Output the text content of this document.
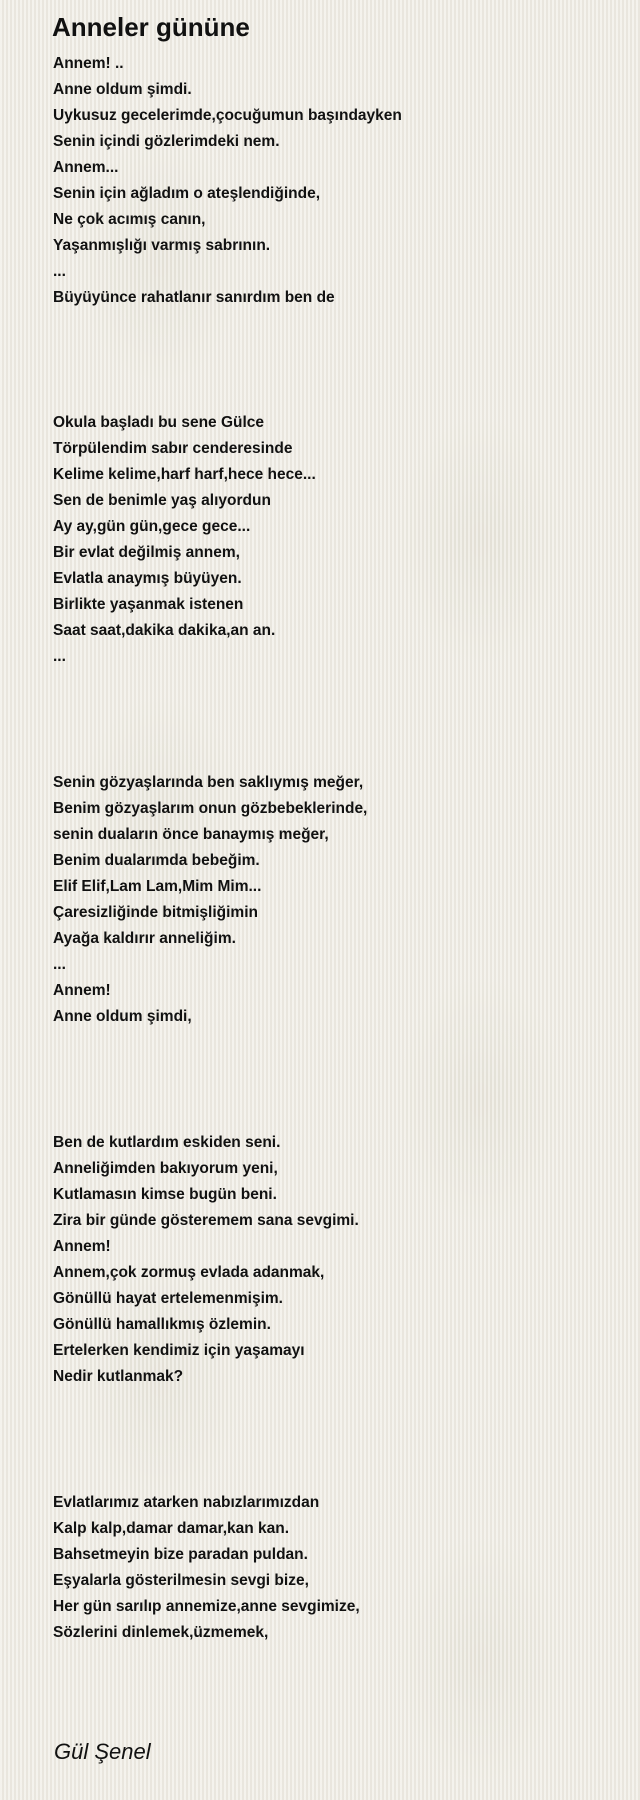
Anneler gününe
Annem! ..
Anne oldum şimdi.
Uykusuz gecelerimde,çocuğumun başındayken
Senin içindi gözlerimdeki nem.
Annem...
Senin için ağladım o ateşlendiğinde,
Ne çok acımış canın,
Yaşanmışlığı varmış sabrının.
...
Büyüyünce rahatlanır sanırdım ben de
Okula başladı bu sene Gülce
Törpülendim sabır cenderesinde
Kelime kelime,harf harf,hece hece...
Sen de benimle yaş alıyordun
Ay ay,gün gün,gece gece...
Bir evlat değilmiş annem,
Evlatla anaymış büyüyen.
Birlikte yaşanmak istenen
Saat saat,dakika dakika,an an.
...
Senin gözyaşlarında ben saklıymış meğer,
Benim gözyaşlarım onun gözbebeklerinde,
senin duaların önce banaymış meğer,
Benim dualarımda bebeğim.
Elif Elif,Lam Lam,Mim Mim...
Çaresizliğinde bitmişliğimin
Ayağa kaldırır anneliğim.
...
Annem!
Anne oldum şimdi,
Ben de kutlardım eskiden seni.
Anneliğimden bakıyorum yeni,
Kutlamasın kimse bugün beni.
Zira bir günde gösteremem sana sevgimi.
Annem!
Annem,çok zormuş evlada adanmak,
Gönüllü hayat ertelemenmişim.
Gönüllü hamallıkmış özlemin.
Ertelerken kendimiz için yaşamayı
Nedir kutlanmak?
Evlatlarımız atarken nabızlarımızdan
Kalp kalp,damar damar,kan kan.
Bahsetmeyin bize paradan puldan.
Eşyalarla gösterilmesin sevgi bize,
Her gün sarılıp annemize,anne sevgimize,
Sözlerini dinlemek,üzmemek,
Gül Şenel
